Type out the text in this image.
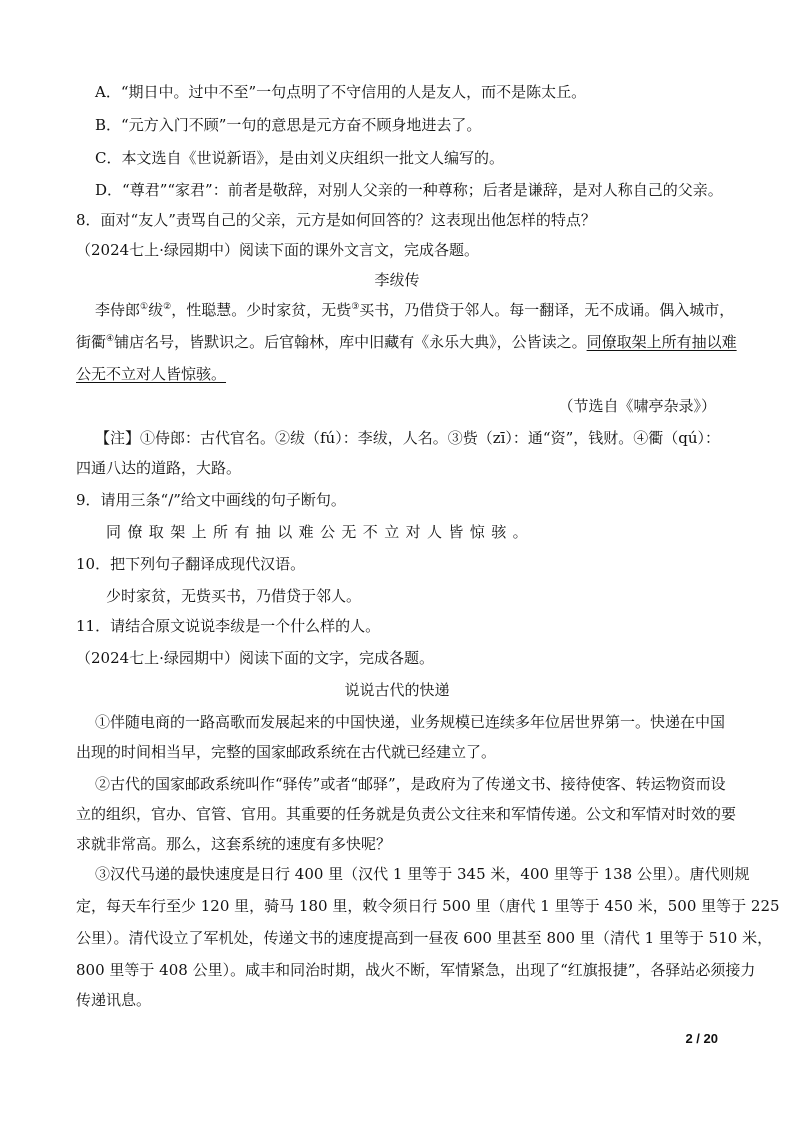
A．“期日中。过中不至”一句点明了不守信用的人是友人，而不是陈太丘。
B．“元方入门不顾”一句的意思是元方奋不顾身地进去了。
C．本文选自《世说新语》，是由刘义庆组织一批文人编写的。
D．“尊君”“家君”：前者是敬辞，对别人父亲的一种尊称；后者是谦辞，是对人称自己的父亲。
8．面对“友人”责骂自己的父亲，元方是如何回答的？这表现出他怎样的特点？
（2024七上·绿园期中）阅读下面的课外文言文，完成各题。
李绂传
李侍郎①绂②，性聪慧。少时家贫，无赀③买书，乃借贷于邻人。每一翻译，无不成诵。偶入城市，
街衢④铺店名号，皆默识之。后官翰林，库中旧藏有《永乐大典》，公皆读之。同僚取架上所有抽以难
公无不立对人皆惊骇。
（节选自《啸亭杂录》）
【注】①侍郎：古代官名。②绂（fú）：李绂，人名。③赀（zī）：通“资”，钱财。④衢（qú）：
四通八达的道路，大路。
9．请用三条“/”给文中画线的句子断句。
同僚取架上所有抽以难公无不立对人皆惊骇。
10．把下列句子翻译成现代汉语。
少时家贫，无赀买书，乃借贷于邻人。
11．请结合原文说说李绂是一个什么样的人。
（2024七上·绿园期中）阅读下面的文字，完成各题。
说说古代的快递
①伴随电商的一路高歌而发展起来的中国快递，业务规模已连续多年位居世界第一。快递在中国
出现的时间相当早，完整的国家邮政系统在古代就已经建立了。
②古代的国家邮政系统叫作“驿传”或者“邮驿”，是政府为了传递文书、接待使客、转运物资而设
立的组织，官办、官管、官用。其重要的任务就是负责公文往来和军情传递。公文和军情对时效的要
求就非常高。那么，这套系统的速度有多快呢？
③汉代马递的最快速度是日行 400 里（汉代 1 里等于 345 米，400 里等于 138 公里）。唐代则规
定，每天车行至少 120 里，骑马 180 里，敕令须日行 500 里（唐代 1 里等于 450 米，500 里等于 225
公里）。清代设立了军机处，传递文书的速度提高到一昼夜 600 里甚至 800 里（清代 1 里等于 510 米，
800 里等于 408 公里）。咸丰和同治时期，战火不断，军情紧急，出现了“红旗报捷”，各驿站必须接力
传递讯息。
2 / 20
